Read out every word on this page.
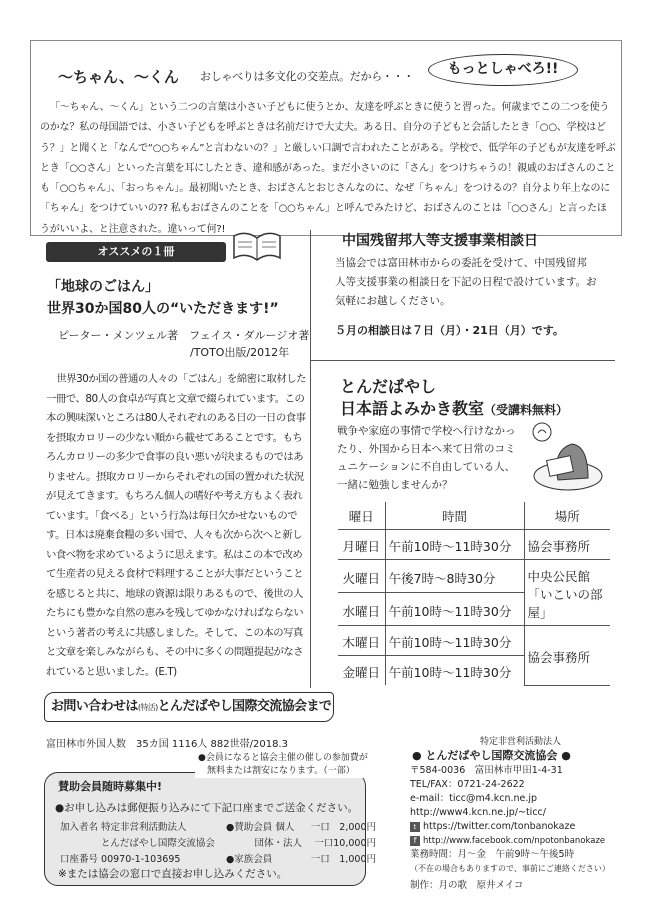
〜ちゃん、〜くん おしゃべりは多文化の交差点。だから・・・	もっとしゃべろ!!
「〜ちゃん、〜くん」という二つの言葉は小さい子どもに使うとか、友達を呼ぶときに使うと習った。何歳までこの二つを使うのかな？私の母国語では、小さい子どもを呼ぶときは名前だけで大丈夫。ある日、自分の子どもと会話したとき「○○、学校はどう？」と聞くと「なんで“○○ちゃん”と言わないの？」と厳しい口調で言われたことがある。学校で、低学年の子どもが友達を呼ぶとき「○○さん」といった言葉を耳にしたとき、違和感があった。まだ小さいのに「さん」をつけちゃうの！親戚のおばさんのことも「○○ちゃん」、「おっちゃん」。最初聞いたとき、おばさんとおじさんなのに、なぜ「ちゃん」をつけるの？自分より年上なのに「ちゃん」をつけていいの?? 私もおばさんのことを「○○ちゃん」と呼んでみたけど、おばさんのことは「○○さん」と言ったほうがいいよ、と注意された。違いって何?!
オススメの１冊
「地球のごはん」
世界30か国80人の“いただきます!”
ピーター・メンツェル著　フェイス・ダルージオ著
/TOTO出版/2012年
世界30か国の普通の人々の「ごはん」を綿密に取材した一冊で、80人の食卓が写真と文章で綴られています。この本の興味深いところは80人それぞれのある日の一日の食事を摂取カロリーの少ない順から載せてあることです。もちろんカロリーの多少で食事の良い悪いが決まるものではありません。摂取カロリーからそれぞれの国の置かれた状況が見えてきます。もちろん個人の嗜好や考え方もよく表れています。「食べる」という行為は毎日欠かせないものです。日本は廃棄食糧の多い国で、人々も次から次へと新しい食べ物を求めているように思えます。私はこの本で改めて生産者の見える食材で料理することが大事だということを感じると共に、地球の資源は限りあるもので、後世の人たちにも豊かな自然の恵みを残してゆかなければならないという著者の考えに共感しました。そして、この本の写真と文章を楽しみながらも、その中に多くの問題提起がなされていると思いました。(E.T)
お問い合わせは(特活)とんだばやし国際交流協会まで
中国残留邦人等支援事業相談日
当協会では富田林市からの委託を受けて、中国残留邦人等支援事業の相談日を下記の日程で設けています。お気軽にお越しください。
５月の相談日は７日（月）・21日（月）です。
とんだばやし
日本語よみかき教室（受講料無料）
戦争や家庭の事情で学校へ行けなかったり、外国から日本へ来て日常のコミュニケーションに不自由している人、一緒に勉強しませんか？
曜日	時間	場所
月曜日	午前10時〜11時30分	協会事務所
火曜日	午後7時〜8時30分	中央公民館「いこいの部屋」
水曜日	午前10時〜11時30分	
木曜日	午前10時〜11時30分	協会事務所
金曜日	午前10時〜11時30分	
富田林市外国人数　35カ国 1116人 882世帯/2018.3
●会員になると協会主催の催しの参加費が
無料または割安になります。（一部）
賛助会員随時募集中!
●お申し込みは郵便振り込みにて下記口座までご送金ください。
加入者名 特定非営利活動法人
とんだばやし国際交流協会
口座番号 00970-1-103695
●賛助会員 個人 一口　2,000円
団体・法人 一口10,000円
●家族会員	一口　1,000円
※または協会の窓口で直接お申し込みください。
特定非営利活動法人
● とんだばやし国際交流協会 ●
〒584-0036　富田林市甲田1-4-31
TEL/FAX：0721-24-2622
e-mail：ticc@m4.kcn.ne.jp
http://www4.kcn.ne.jp/~ticc/
t https://twitter.com/tonbanokaze
f http://www.facebook.com/npotonbanokaze
業務時間：月〜金　午前9時〜午後5時
（不在の場合もありますので、事前にご連絡ください）
制作：月の歌　原井メイコ
